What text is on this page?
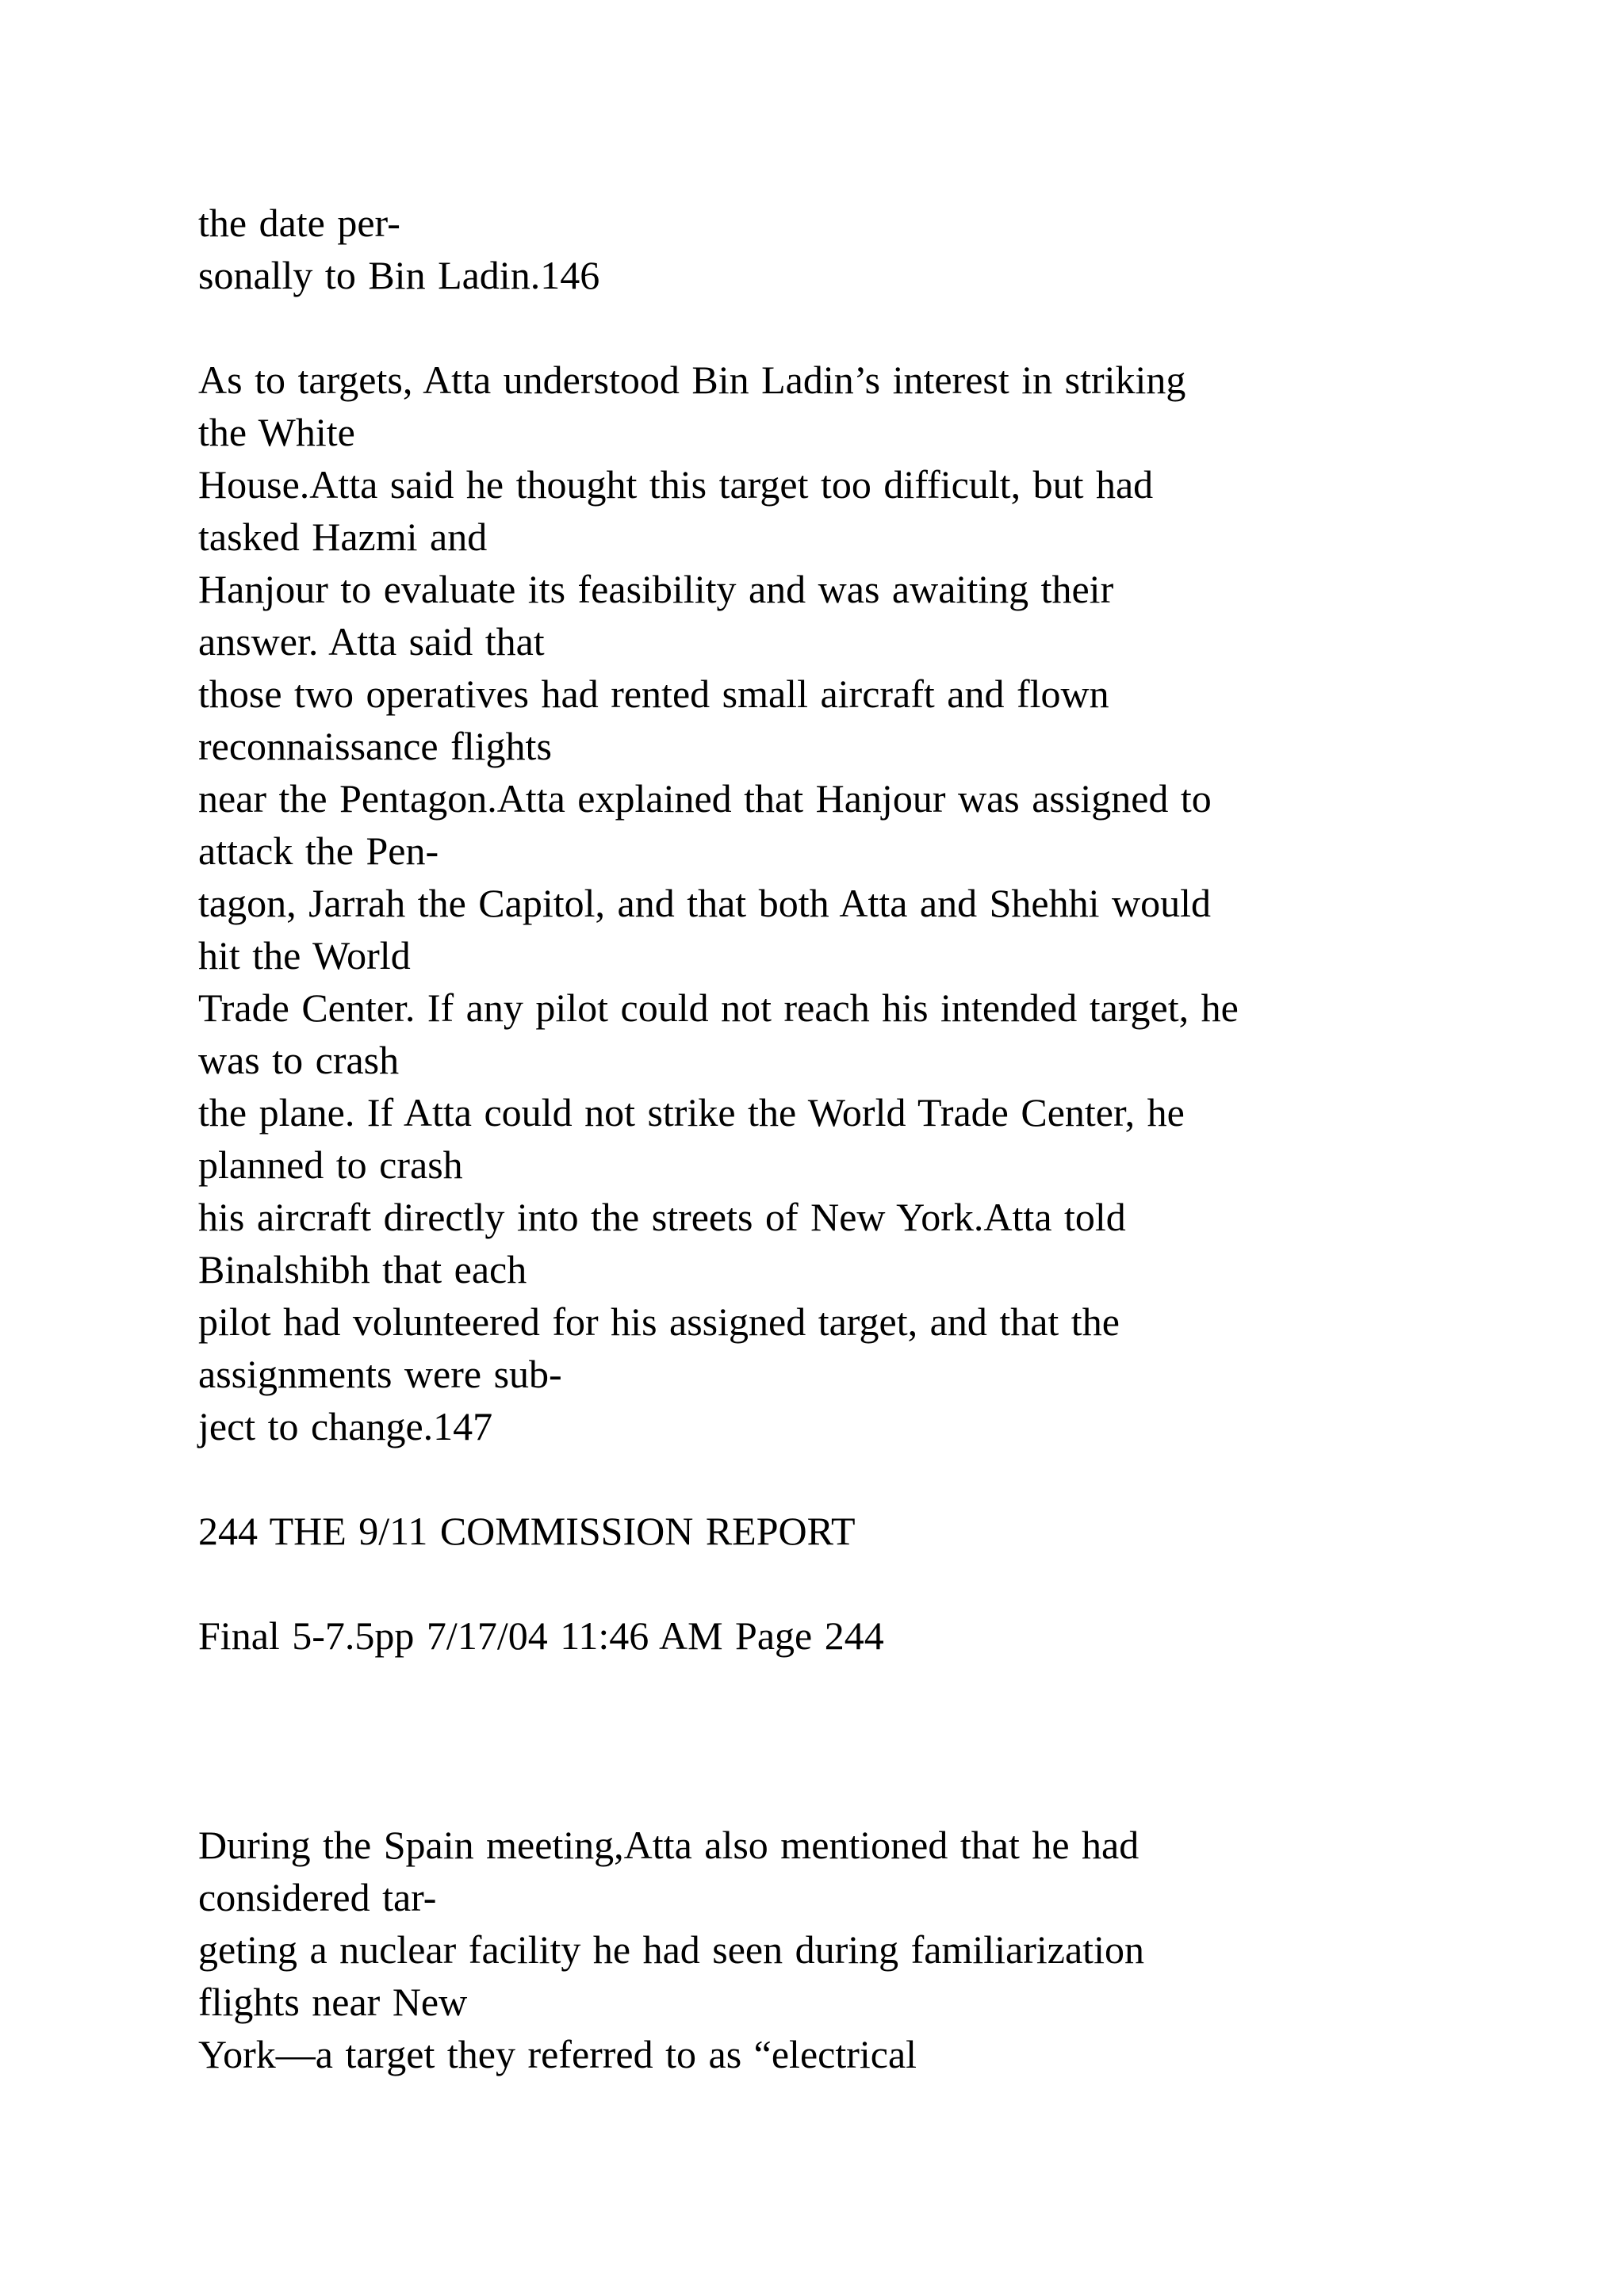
the date per-
sonally to Bin Ladin.146
As to targets, Atta understood Bin Ladin’s interest in striking
the White
House.Atta said he thought this target too difficult, but had
tasked Hazmi and
Hanjour to evaluate its feasibility and was awaiting their
answer. Atta said that
those two operatives had rented small aircraft and flown
reconnaissance flights
near the Pentagon.Atta explained that Hanjour was assigned to
attack the Pen-
tagon, Jarrah the Capitol, and that both Atta and Shehhi would
hit the World
Trade Center. If any pilot could not reach his intended target, he
was to crash
the plane. If Atta could not strike the World Trade Center, he
planned to crash
his aircraft directly into the streets of New York.Atta told
Binalshibh that each
pilot had volunteered for his assigned target, and that the
assignments were sub-
ject to change.147
244 THE 9/11 COMMISSION REPORT
Final 5-7.5pp 7/17/04 11:46 AM Page 244
During the Spain meeting,Atta also mentioned that he had
considered tar-
geting a nuclear facility he had seen during familiarization
flights near New
York—a target they referred to as “electrical
